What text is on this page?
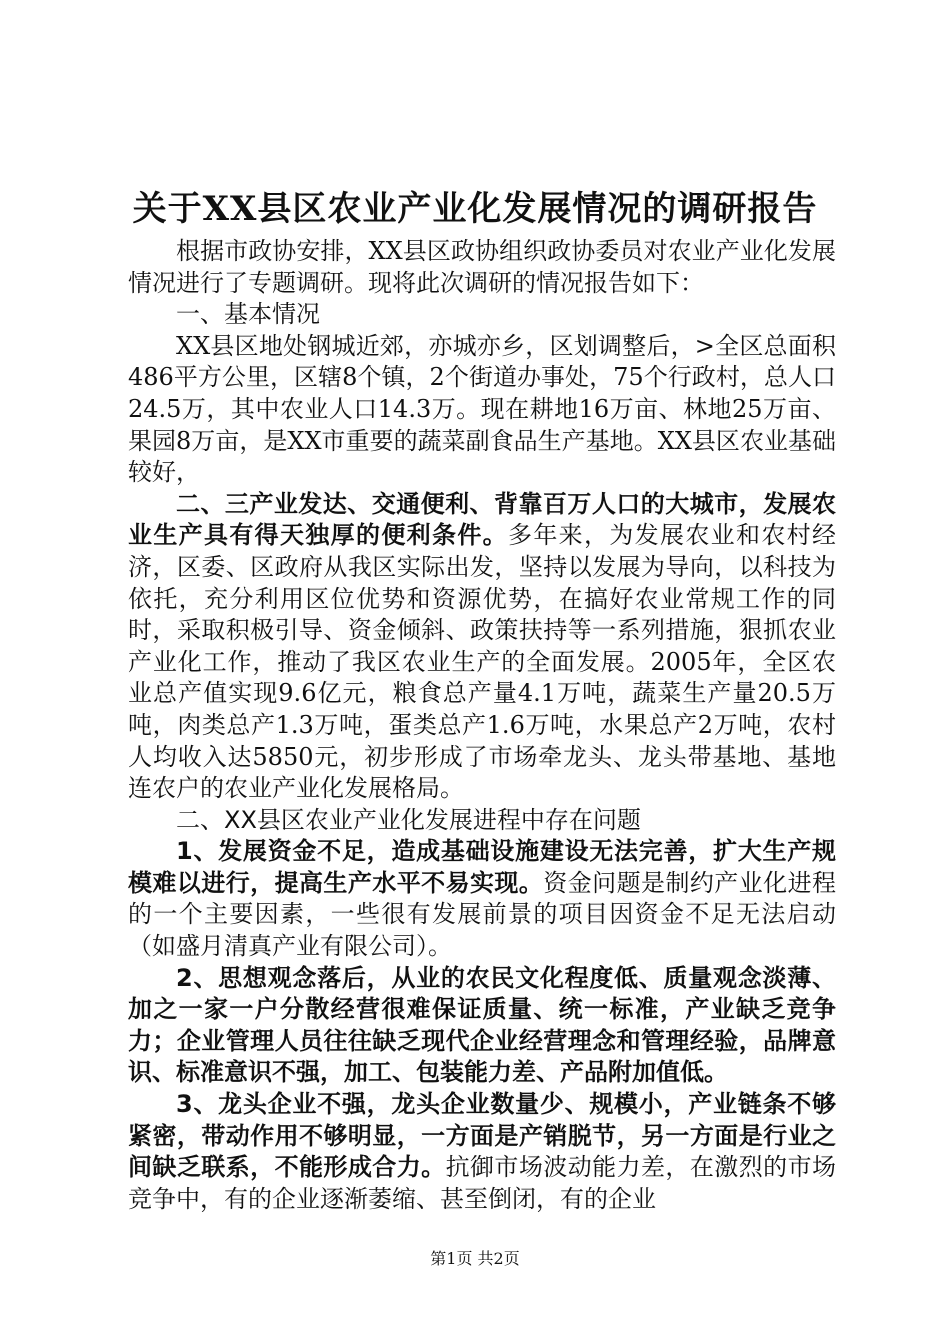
关于XX县区农业产业化发展情况的调研报告

根据市政协安排，XX县区政协组织政协委员对农业产业化发展情况进行了专题调研。现将此次调研的情况报告如下：

一、基本情况

XX县区地处钢城近郊，亦城亦乡，区划调整后，>全区总面积486平方公里，区辖8个镇，2个街道办事处，75个行政村，总人口24.5万，其中农业人口14.3万。现在耕地16万亩、林地25万亩、果园8万亩，是XX市重要的蔬菜副食品生产基地。XX县区农业基础较好，

二、三产业发达、交通便利、背靠百万人口的大城市，发展农业生产具有得天独厚的便利条件。多年来，为发展农业和农村经济，区委、区政府从我区实际出发，坚持以发展为导向，以科技为依托，充分利用区位优势和资源优势，在搞好农业常规工作的同时，采取积极引导、资金倾斜、政策扶持等一系列措施，狠抓农业产业化工作，推动了我区农业生产的全面发展。2005年，全区农业总产值实现9.6亿元，粮食总产量4.1万吨，蔬菜生产量20.5万吨，肉类总产1.3万吨，蛋类总产1.6万吨，水果总产2万吨，农村人均收入达5850元，初步形成了市场牵龙头、龙头带基地、基地连农户的农业产业化发展格局。

二、XX县区农业产业化发展进程中存在问题

1、发展资金不足，造成基础设施建设无法完善，扩大生产规模难以进行，提高生产水平不易实现。资金问题是制约产业化进程的一个主要因素，一些很有发展前景的项目因资金不足无法启动（如盛月清真产业有限公司）。

2、思想观念落后，从业的农民文化程度低、质量观念淡薄、加之一家一户分散经营很难保证质量、统一标准，产业缺乏竞争力；企业管理人员往往缺乏现代企业经营理念和管理经验，品牌意识、标准意识不强，加工、包装能力差、产品附加值低。

3、龙头企业不强，龙头企业数量少、规模小，产业链条不够紧密，带动作用不够明显，一方面是产销脱节，另一方面是行业之间缺乏联系，不能形成合力。抗御市场波动能力差，在激烈的市场竞争中，有的企业逐渐萎缩、甚至倒闭，有的企业

第1页 共2页
